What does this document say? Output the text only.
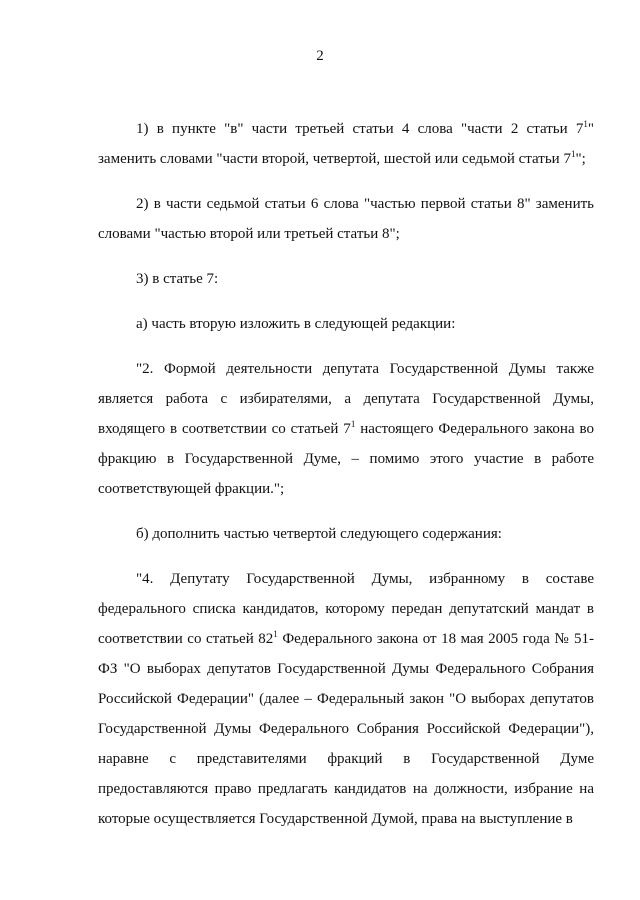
2

1) в пункте "в" части третьей статьи 4 слова "части 2 статьи $7^1$" заменить словами "части второй, четвертой, шестой или седьмой статьи $7^1$";

2) в части седьмой статьи 6 слова "частью первой статьи 8" заменить словами "частью второй или третьей статьи 8";

3) в статье 7:

а) часть вторую изложить в следующей редакции:

"2. Формой деятельности депутата Государственной Думы также является работа с избирателями, а депутата Государственной Думы, входящего в соответствии со статьей $7^1$ настоящего Федерального закона во фракцию в Государственной Думе, – помимо этого участие в работе соответствующей фракции.";

б) дополнить частью четвертой следующего содержания:

"4. Депутату Государственной Думы, избранному в составе федерального списка кандидатов, которому передан депутатский мандат в соответствии со статьей $82^1$ Федерального закона от 18 мая 2005 года № 51-ФЗ "О выборах депутатов Государственной Думы Федерального Собрания Российской Федерации" (далее – Федеральный закон "О выборах депутатов Государственной Думы Федерального Собрания Российской Федерации"), наравне с представителями фракций в Государственной Думе предоставляются право предлагать кандидатов на должности, избрание на которые осуществляется Государственной Думой, права на выступление в
